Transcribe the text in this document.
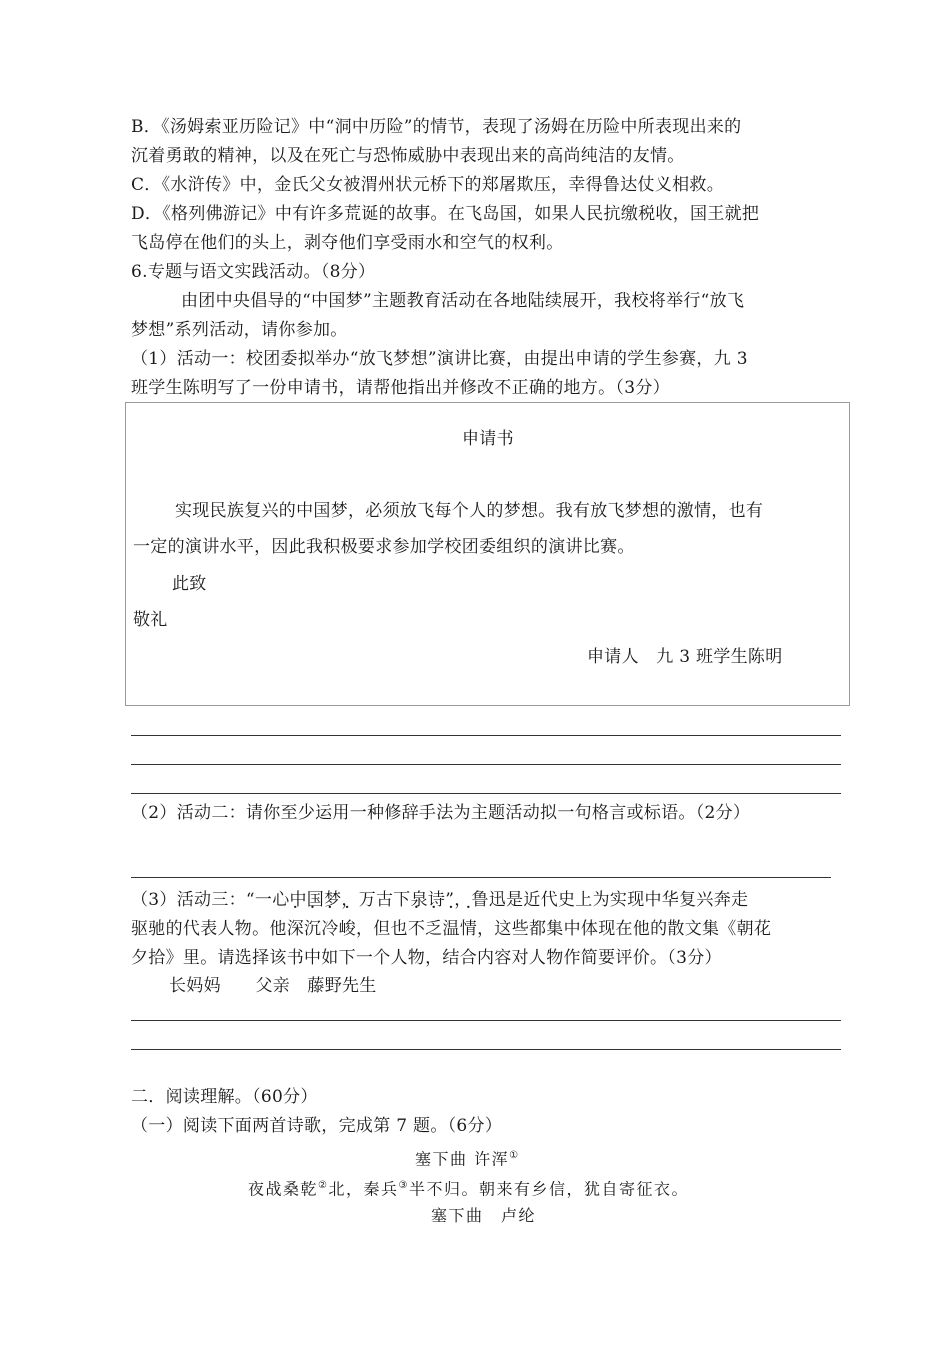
B．《汤姆索亚历险记》中“洞中历险”的情节，表现了汤姆在历险中所表现出来的
沉着勇敢的精神，以及在死亡与恐怖威胁中表现出来的高尚纯洁的友情。
C．《水浒传》中，金氏父女被渭州状元桥下的郑屠欺压，幸得鲁达仗义相救。
D．《格列佛游记》中有许多荒诞的故事。在飞岛国，如果人民抗缴税收，国王就把
飞岛停在他们的头上，剥夺他们享受雨水和空气的权利。
6.专题与语文实践活动。（8分）
由团中央倡导的“中国梦”主题教育活动在各地陆续展开，我校将举行“放飞
梦想”系列活动，请你参加。
（1）活动一：校团委拟举办“放飞梦想”演讲比赛，由提出申请的学生参赛，九 3
班学生陈明写了一份申请书，请帮他指出并修改不正确的地方。（3分）
申请书
实现民族复兴的中国梦，必须放飞每个人的梦想。我有放飞梦想的激情，也有
一定的演讲水平，因此我积极要求参加学校团委组织的演讲比赛。
此致
敬礼
申请人　九 3 班学生陈明
（2）活动二：请你至少运用一种修辞手法为主题活动拟一句格言或标语。（2分）
（3）活动三：“一心中国梦，万古下泉诗”，鲁迅是近代史上为实现中华复兴奔走
驱驰的代表人物。他深沉冷峻，但也不乏温情，这些都集中体现在他的散文集《朝花
夕拾》里。请选择该书中如下一个人物，结合内容对人物作简要评价。（3分）
长妈妈　　父亲　藤野先生
二．阅读理解。（60分）
（一）阅读下面两首诗歌，完成第 7 题。（6分）
塞下曲 许浑①
夜战桑乾②北，秦兵③半不归。朝来有乡信，犹自寄征衣。
塞下曲　卢纶
